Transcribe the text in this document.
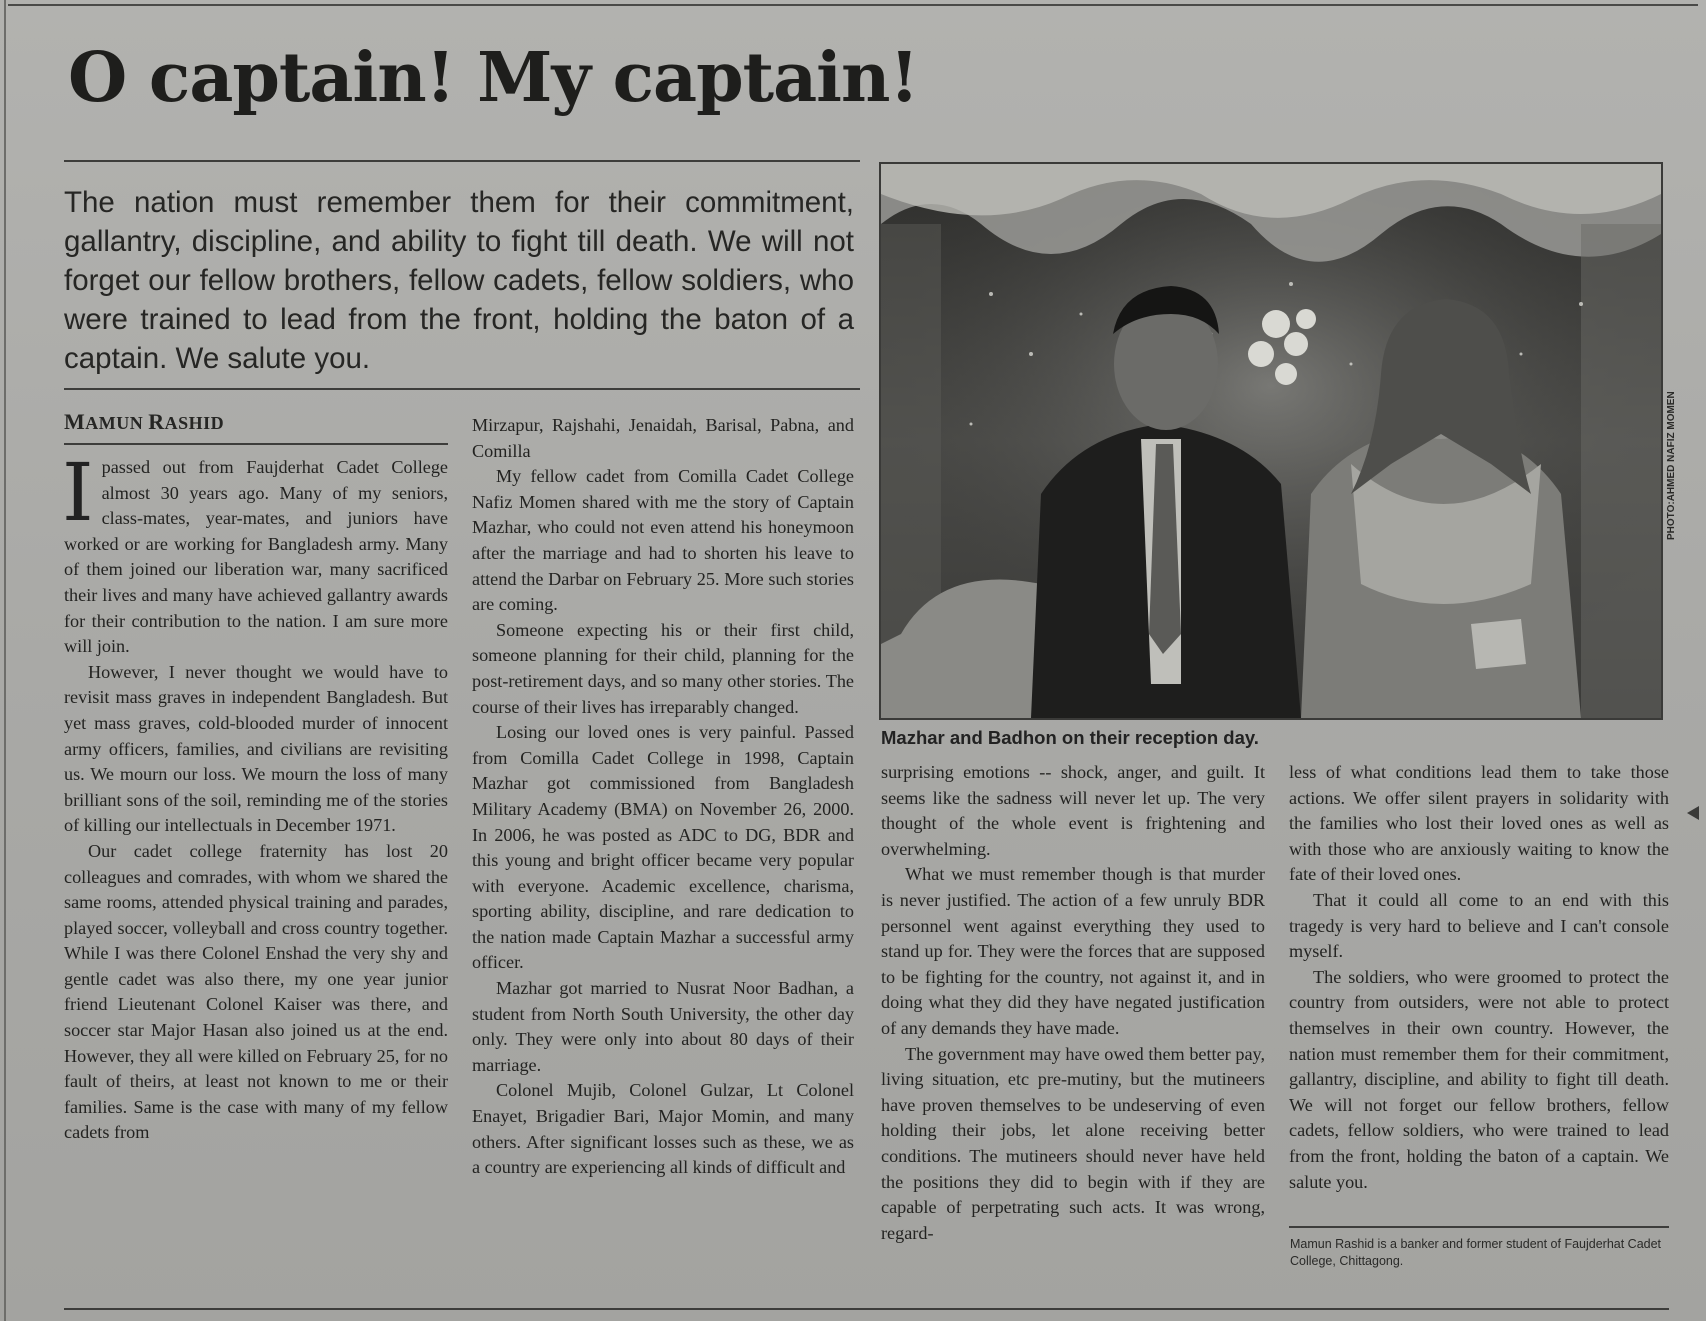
O captain! My captain!

The nation must remember them for their commitment, gallantry, discipline, and ability to fight till death. We will not forget our fellow brothers, fellow cadets, fellow soldiers, who were trained to lead from the front, holding the baton of a captain. We salute you.

MAMUN RASHID

Ipassed out from Faujderhat Cadet College almost 30 years ago. Many of my seniors, class-mates, year-mates, and juniors have worked or are working for Bangladesh army. Many of them joined our liberation war, many sacrificed their lives and many have achieved gallantry awards for their contribution to the nation. I am sure more will join.

However, I never thought we would have to revisit mass graves in independent Bangladesh. But yet mass graves, cold-blooded murder of innocent army officers, families, and civilians are revisiting us. We mourn our loss. We mourn the loss of many brilliant sons of the soil, reminding me of the stories of killing our intellectuals in December 1971.

Our cadet college fraternity has lost 20 colleagues and comrades, with whom we shared the same rooms, attended physical training and parades, played soccer, volleyball and cross country together. While I was there Colonel Enshad the very shy and gentle cadet was also there, my one year junior friend Lieutenant Colonel Kaiser was there, and soccer star Major Hasan also joined us at the end. However, they all were killed on February 25, for no fault of theirs, at least not known to me or their families. Same is the case with many of my fellow cadets from

Mirzapur, Rajshahi, Jenaidah, Barisal, Pabna, and Comilla

My fellow cadet from Comilla Cadet College Nafiz Momen shared with me the story of Captain Mazhar, who could not even attend his honeymoon after the marriage and had to shorten his leave to attend the Darbar on February 25. More such stories are coming.

Someone expecting his or their first child, someone planning for their child, planning for the post-retirement days, and so many other stories. The course of their lives has irreparably changed.

Losing our loved ones is very painful. Passed from Comilla Cadet College in 1998, Captain Mazhar got commissioned from Bangladesh Military Academy (BMA) on November 26, 2000. In 2006, he was posted as ADC to DG, BDR and this young and bright officer became very popular with everyone. Academic excellence, charisma, sporting ability, discipline, and rare dedication to the nation made Captain Mazhar a successful army officer.

Mazhar got married to Nusrat Noor Badhan, a student from North South University, the other day only. They were only into about 80 days of their marriage.

Colonel Mujib, Colonel Gulzar, Lt Colonel Enayet, Brigadier Bari, Major Momin, and many others. After significant losses such as these, we as a country are experiencing all kinds of difficult and

PHOTO:AHMED NAFIZ MOMEN

Mazhar and Badhon on their reception day.

surprising emotions -- shock, anger, and guilt. It seems like the sadness will never let up. The very thought of the whole event is frightening and overwhelming.

What we must remember though is that murder is never justified. The action of a few unruly BDR personnel went against everything they used to stand up for. They were the forces that are supposed to be fighting for the country, not against it, and in doing what they did they have negated justification of any demands they have made.

The government may have owed them better pay, living situation, etc pre-mutiny, but the mutineers have proven themselves to be undeserving of even holding their jobs, let alone receiving better conditions. The mutineers should never have held the positions they did to begin with if they are capable of perpetrating such acts. It was wrong, regard-

less of what conditions lead them to take those actions. We offer silent prayers in solidarity with the families who lost their loved ones as well as with those who are anxiously waiting to know the fate of their loved ones.

That it could all come to an end with this tragedy is very hard to believe and I can't console myself.

The soldiers, who were groomed to protect the country from outsiders, were not able to protect themselves in their own country. However, the nation must remember them for their commitment, gallantry, discipline, and ability to fight till death. We will not forget our fellow brothers, fellow cadets, fellow soldiers, who were trained to lead from the front, holding the baton of a captain. We salute you.

Mamun Rashid is a banker and former student of Faujderhat Cadet College, Chittagong.
